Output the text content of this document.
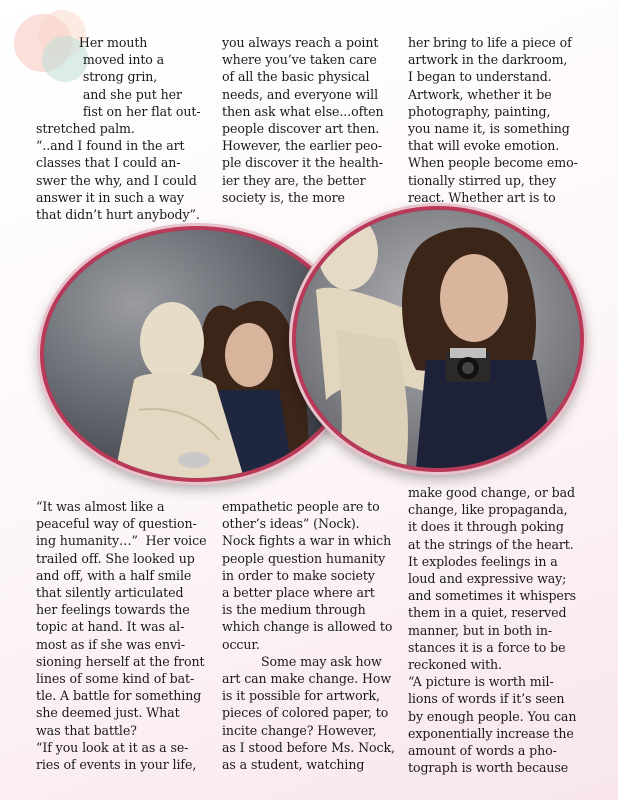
Her mouth

moved into a

strong grin,

and she put her

fist on her flat out-

stretched palm.

“..and I found in the art

classes that I could an-

swer the why, and I could

answer it in such a way

that didn’t hurt anybody”.

you always reach a point

where you’ve taken care

of all the basic physical

needs, and everyone will

then ask what else...often

people discover art then.

However, the earlier peo-

ple discover it the health-

ier they are, the better

society is, the more

her bring to life a piece of

artwork in the darkroom,

I began to understand.

Artwork, whether it be

photography, painting,

you name it, is something

that will evoke emotion.

When people become emo-

tionally stirred up, they

react. Whether art is to

“It was almost like a

peaceful way of question-

ing humanity…”  Her voice

trailed off. She looked up

and off, with a half smile

that silently articulated

her feelings towards the

topic at hand. It was al-

most as if she was envi-

sioning herself at the front

lines of some kind of bat-

tle. A battle for something

she deemed just. What

was that battle?

“If you look at it as a se-

ries of events in your life,

empathetic people are to

other’s ideas” (Nock).

Nock fights a war in which

people question humanity

in order to make society

a better place where art

is the medium through

which change is allowed to

occur.

Some may ask how

art can make change. How

is it possible for artwork,

pieces of colored paper, to

incite change? However,

as I stood before Ms. Nock,

as a student, watching

make good change, or bad

change, like propaganda,

it does it through poking

at the strings of the heart.

It explodes feelings in a

loud and expressive way;

and sometimes it whispers

them in a quiet, reserved

manner, but in both in-

stances it is a force to be

reckoned with.

“A picture is worth mil-

lions of words if it’s seen

by enough people. You can

exponentially increase the

amount of words a pho-

tograph is worth because
